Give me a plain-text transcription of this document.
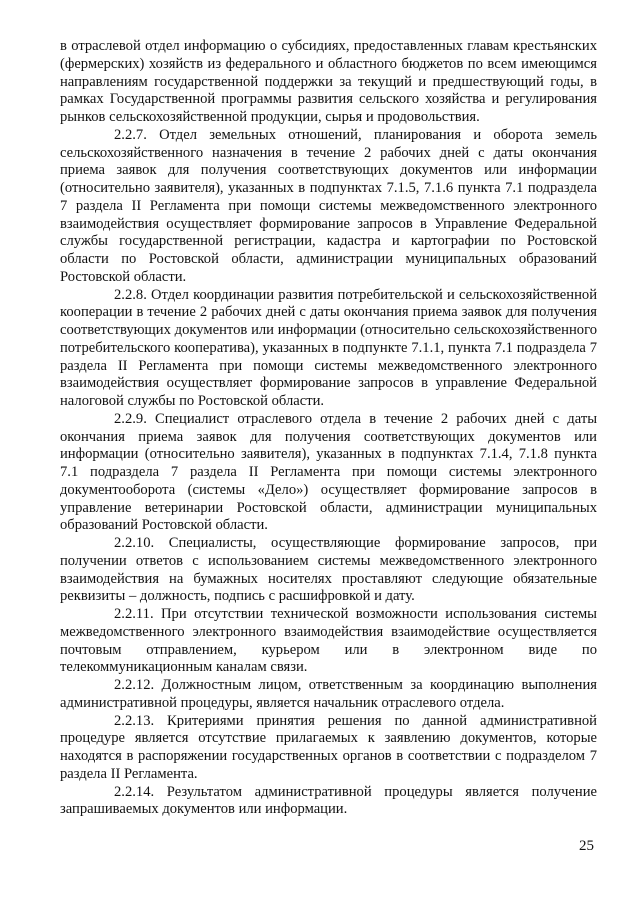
в отраслевой отдел информацию о субсидиях, предоставленных главам крестьянских (фермерских) хозяйств из федерального и областного бюджетов по всем имеющимся направлениям государственной поддержки за текущий и предшествующий годы, в рамках Государственной программы развития сельского хозяйства и регулирования рынков сельскохозяйственной продукции, сырья и продовольствия.

2.2.7. Отдел земельных отношений, планирования и оборота земель сельскохозяйственного назначения в течение 2 рабочих дней с даты окончания приема заявок для получения соответствующих документов или информации (относительно заявителя), указанных в подпунктах 7.1.5, 7.1.6 пункта 7.1 подраздела 7 раздела II Регламента при помощи системы межведомственного электронного взаимодействия осуществляет формирование запросов в Управление Федеральной службы государственной регистрации, кадастра и картографии по Ростовской области по Ростовской области, администрации муниципальных образований Ростовской области.

2.2.8. Отдел координации развития потребительской и сельскохозяйственной кооперации в течение 2 рабочих дней с даты окончания приема заявок для получения соответствующих документов или информации (относительно сельскохозяйственного потребительского кооператива), указанных в подпункте 7.1.1, пункта 7.1 подраздела 7 раздела II Регламента при помощи системы межведомственного электронного взаимодействия осуществляет формирование запросов в управление Федеральной налоговой службы по Ростовской области.

2.2.9. Специалист отраслевого отдела в течение 2 рабочих дней с даты окончания приема заявок для получения соответствующих документов или информации (относительно заявителя), указанных в подпунктах 7.1.4, 7.1.8 пункта 7.1 подраздела 7 раздела II Регламента при помощи системы электронного документооборота (системы «Дело») осуществляет формирование запросов в управление ветеринарии Ростовской области, администрации муниципальных образований Ростовской области.

2.2.10. Специалисты, осуществляющие формирование запросов, при получении ответов с использованием системы межведомственного электронного взаимодействия на бумажных носителях проставляют следующие обязательные реквизиты – должность, подпись с расшифровкой и дату.

2.2.11. При отсутствии технической возможности использования системы межведомственного электронного взаимодействия взаимодействие осуществляется почтовым отправлением, курьером или в электронном виде по телекоммуникационным каналам связи.

2.2.12. Должностным лицом, ответственным за координацию выполнения административной процедуры, является начальник отраслевого отдела.

2.2.13. Критериями принятия решения по данной административной процедуре является отсутствие прилагаемых к заявлению документов, которые находятся в распоряжении государственных органов в соответствии с подразделом 7 раздела II Регламента.

2.2.14. Результатом административной процедуры является получение запрашиваемых документов или информации.

25
